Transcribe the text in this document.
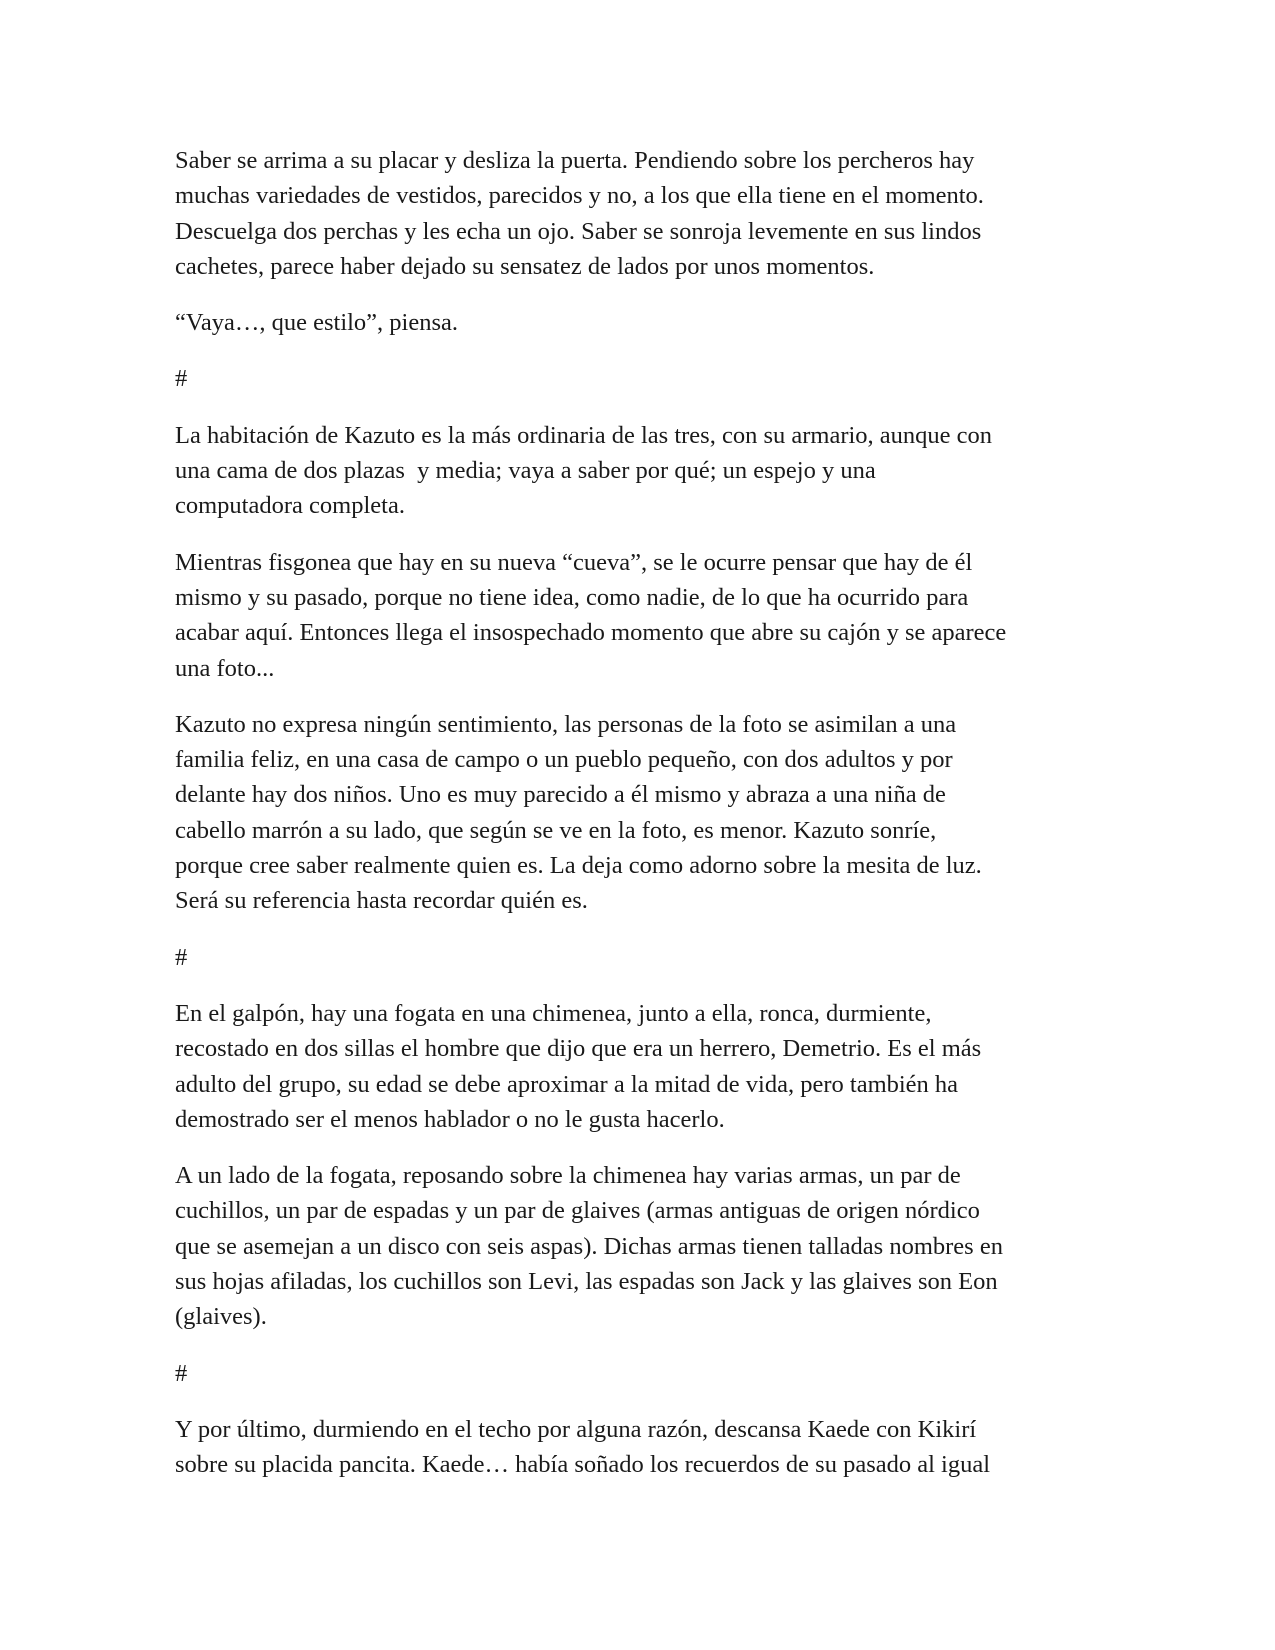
Saber se arrima a su placar y desliza la puerta. Pendiendo sobre los percheros hay
muchas variedades de vestidos, parecidos y no, a los que ella tiene en el momento.
Descuelga dos perchas y les echa un ojo. Saber se sonroja levemente en sus lindos
cachetes, parece haber dejado su sensatez de lados por unos momentos.

“Vaya…, que estilo”, piensa.

#

La habitación de Kazuto es la más ordinaria de las tres, con su armario, aunque con
una cama de dos plazas  y media; vaya a saber por qué; un espejo y una
computadora completa.

Mientras fisgonea que hay en su nueva “cueva”, se le ocurre pensar que hay de él
mismo y su pasado, porque no tiene idea, como nadie, de lo que ha ocurrido para
acabar aquí. Entonces llega el insospechado momento que abre su cajón y se aparece
una foto...

Kazuto no expresa ningún sentimiento, las personas de la foto se asimilan a una
familia feliz, en una casa de campo o un pueblo pequeño, con dos adultos y por
delante hay dos niños. Uno es muy parecido a él mismo y abraza a una niña de
cabello marrón a su lado, que según se ve en la foto, es menor. Kazuto sonríe,
porque cree saber realmente quien es. La deja como adorno sobre la mesita de luz.
Será su referencia hasta recordar quién es.

#

En el galpón, hay una fogata en una chimenea, junto a ella, ronca, durmiente,
recostado en dos sillas el hombre que dijo que era un herrero, Demetrio. Es el más
adulto del grupo, su edad se debe aproximar a la mitad de vida, pero también ha
demostrado ser el menos hablador o no le gusta hacerlo.

A un lado de la fogata, reposando sobre la chimenea hay varias armas, un par de
cuchillos, un par de espadas y un par de glaives (armas antiguas de origen nórdico
que se asemejan a un disco con seis aspas). Dichas armas tienen talladas nombres en
sus hojas afiladas, los cuchillos son Levi, las espadas son Jack y las glaives son Eon
(glaives).

#

Y por último, durmiendo en el techo por alguna razón, descansa Kaede con Kikirí
sobre su placida pancita. Kaede… había soñado los recuerdos de su pasado al igual
